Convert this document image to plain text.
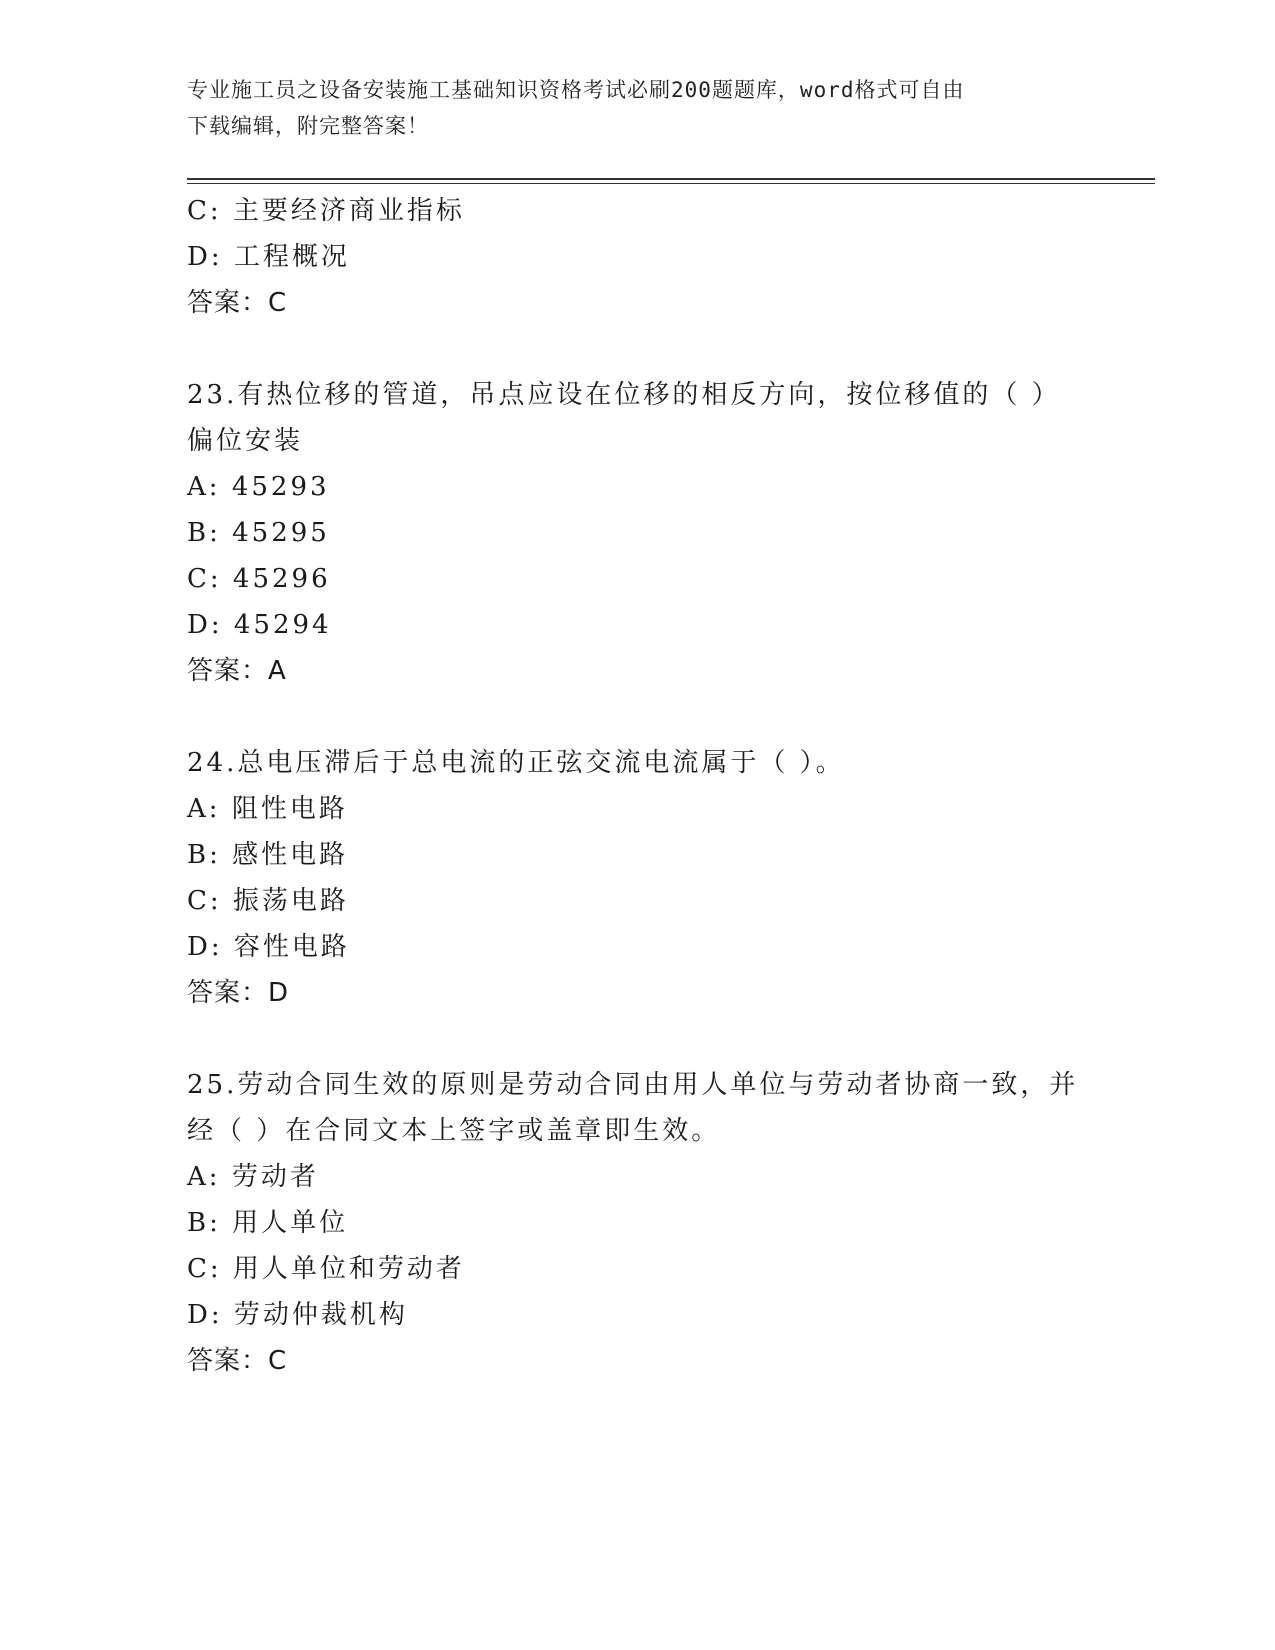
专业施工员之设备安装施工基础知识资格考试必刷200题题库，word格式可自由
下载编辑，附完整答案！
C: 主要经济商业指标
D: 工程概况
答案：C
23.有热位移的管道，吊点应设在位移的相反方向，按位移值的（ ）
偏位安装
A: 45293
B: 45295
C: 45296
D: 45294
答案：A
24.总电压滞后于总电流的正弦交流电流属于（ ）。
A: 阻性电路
B: 感性电路
C: 振荡电路
D: 容性电路
答案：D
25.劳动合同生效的原则是劳动合同由用人单位与劳动者协商一致，并
经（ ）在合同文本上签字或盖章即生效。
A: 劳动者
B: 用人单位
C: 用人单位和劳动者
D: 劳动仲裁机构
答案：C
